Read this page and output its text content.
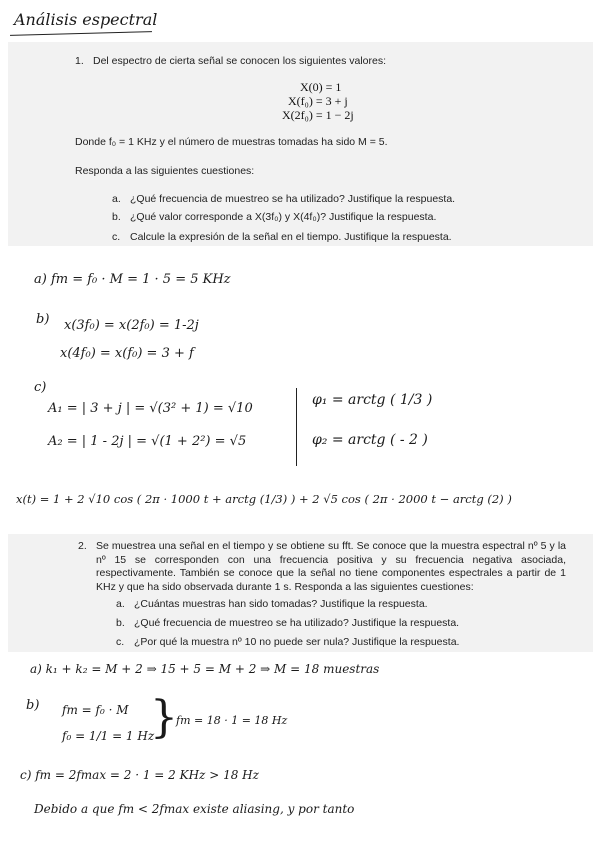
Análisis espectral
1. Del espectro de cierta señal se conocen los siguientes valores:
X(0) = 1
X(f₀) = 3 + j
X(2f₀) = 1 − 2j
Donde f₀ = 1 KHz y el número de muestras tomadas ha sido M = 5.
Responda a las siguientes cuestiones:
a. ¿Qué frecuencia de muestreo se ha utilizado? Justifique la respuesta.
b. ¿Qué valor corresponde a X(3f₀) y X(4f₀)? Justifique la respuesta.
c. Calcule la expresión de la señal en el tiempo. Justifique la respuesta.
a) fm = f₀ · M = 1 · 5 = 5 KHz
b) x(3f₀) = x(2f₀) = 1-2j
x(4f₀) = x(f₀) = 3 + f
c)
A₁ = | 3 + j | = √(3² + 1) = √10
A₂ = | 1 - 2j | = √(1 + 2²) = √5
φ₁ = arctg ( 1/3 )
φ₂ = arctg ( - 2 )
x(t) = 1 + 2 √10 cos ( 2π · 1000 t + arctg (1/3) ) + 2 √5 cos ( 2π · 2000 t − arctg (2) )
2. Se muestrea una señal en el tiempo y se obtiene su fft. Se conoce que la muestra espectral nº 5 y la nº 15 se corresponden con una frecuencia positiva y su frecuencia negativa asociada, respectivamente. También se conoce que la señal no tiene componentes espectrales a partir de 1 KHz y que ha sido observada durante 1 s. Responda a las siguientes cuestiones:
a. ¿Cuántas muestras han sido tomadas? Justifique la respuesta.
b. ¿Qué frecuencia de muestreo se ha utilizado? Justifique la respuesta.
c. ¿Por qué la muestra nº 10 no puede ser nula? Justifique la respuesta.
a) k₁ + k₂ = M + 2 ⇒ 15 + 5 = M + 2 ⇒ M = 18 muestras
b) fm = f₀ · M
f₀ = 1/1 = 1 Hz
}
fm = 18 · 1 = 18 Hz
c) fm = 2fmax = 2 · 1 = 2 KHz > 18 Hz
Debido a que fm < 2fmax existe aliasing, y por tanto
